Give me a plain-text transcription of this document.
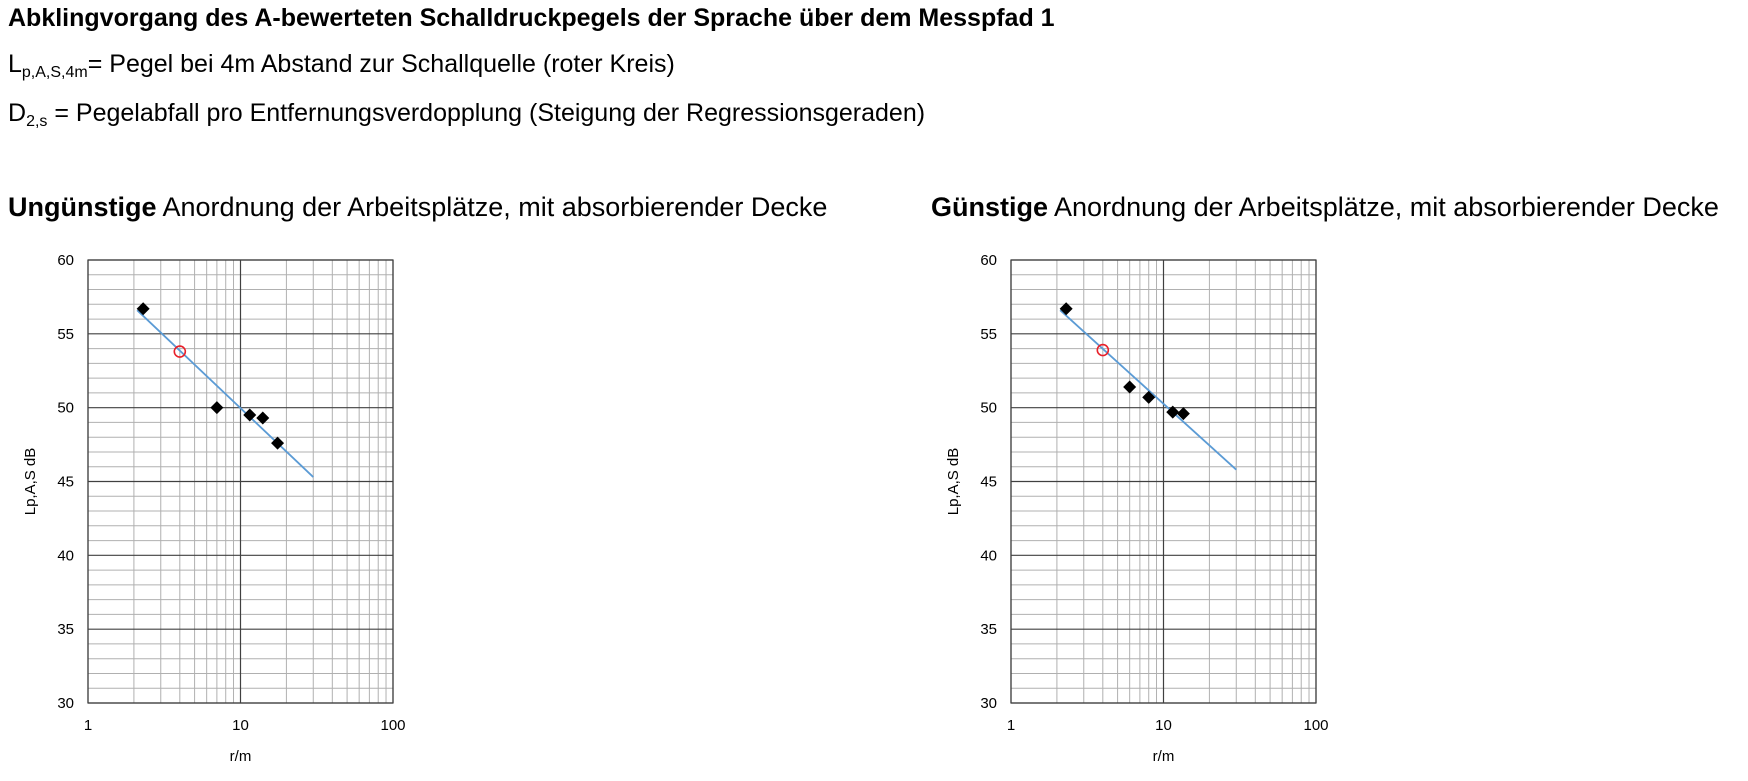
Abklingvorgang des A-bewerteten Schalldruckpegels der Sprache über dem Messpfad 1
$L_{p,A,S,4m}=$ Pegel bei 4m Abstand zur Schallquelle (roter Kreis)
$D_{2,s}$ = Pegelabfall pro Entfernungsverdopplung (Steigung der Regressionsgeraden)
Ungünstige Anordnung der Arbeitsplätze, mit absorbierender Decke	Günstige Anordnung der Arbeitsplätze, mit absorbierender Decke
30
35
40
45
50
55
60
1	10	100
r/m
Lp,A,S dB
30
35
40
45
50
55
60
1	10	100
r/m
Lp,A,S dB
